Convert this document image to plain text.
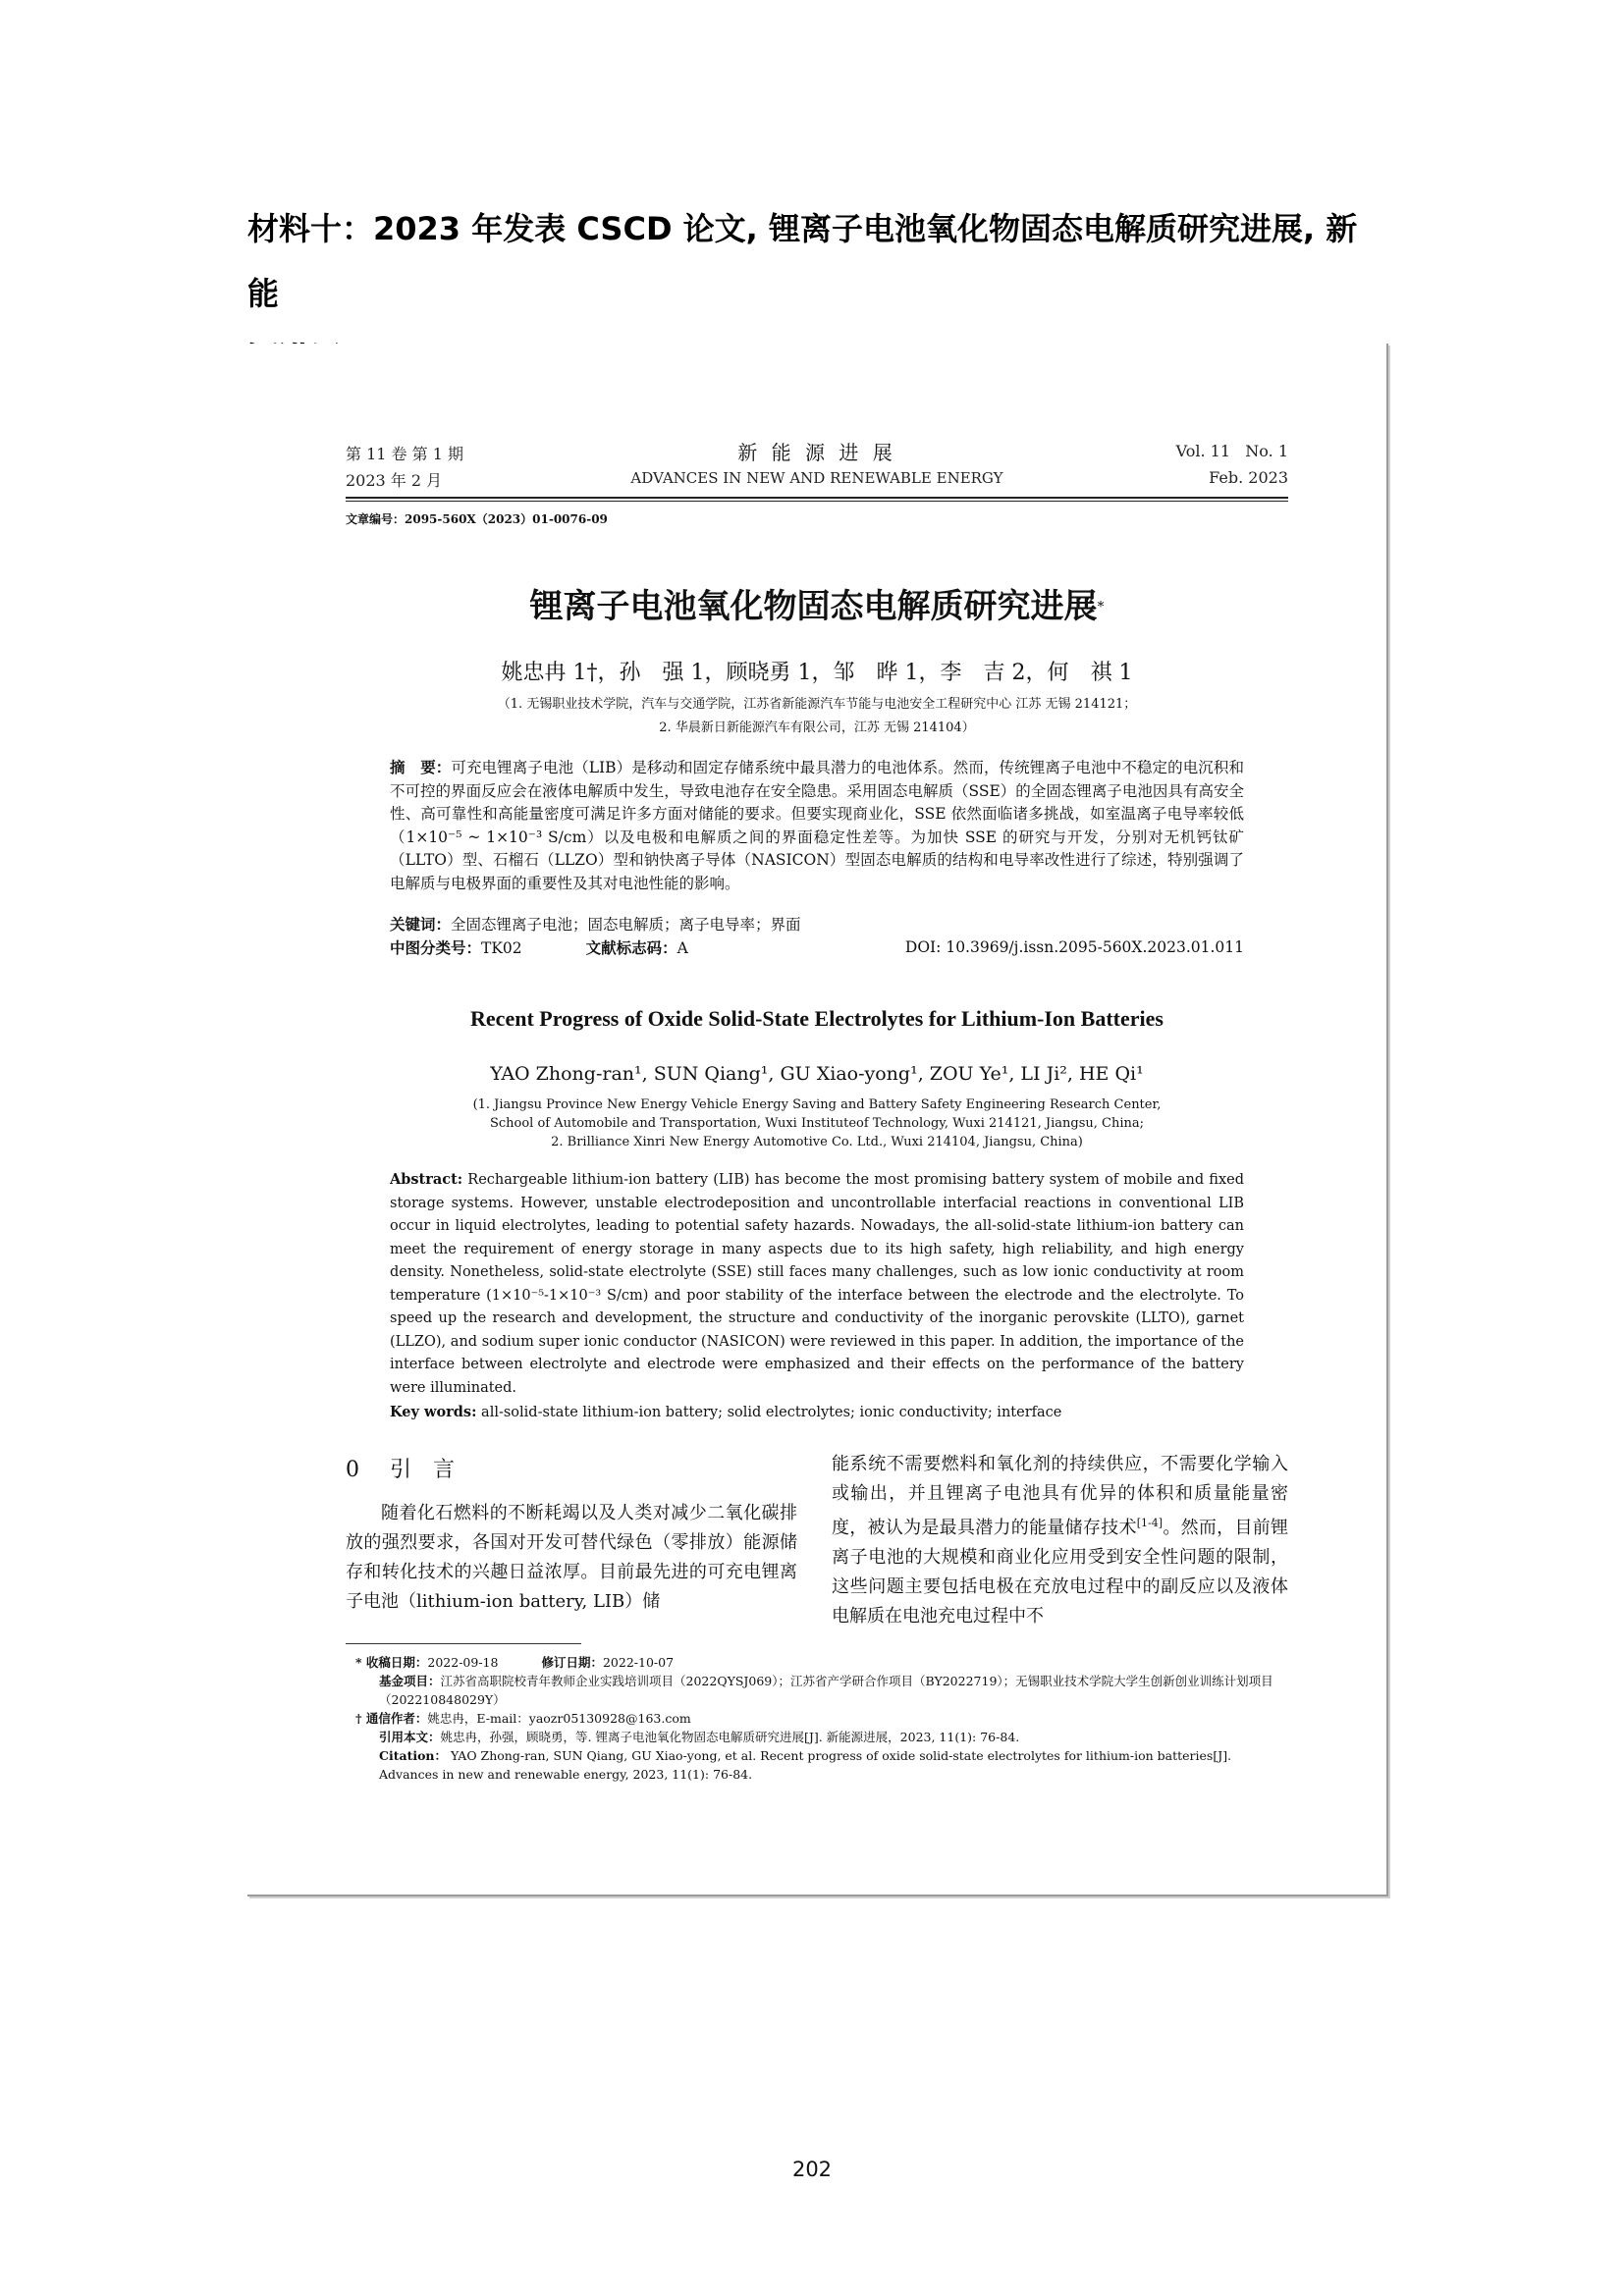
材料十：2023 年发表 CSCD 论文, 锂离子电池氧化物固态电解质研究进展, 新能
第 11 卷 第 1 期
2023 年 2 月
新 能 源 进 展
ADVANCES IN NEW AND RENEWABLE ENERGY
Vol. 11   No. 1
Feb. 2023
文章编号：2095-560X（2023）01-0076-09
锂离子电池氧化物固态电解质研究进展*
姚忠冉 1†，孙　强 1，顾晓勇 1，邹　晔 1，李　吉 2，何　祺 1
（1. 无锡职业技术学院，汽车与交通学院，江苏省新能源汽车节能与电池安全工程研究中心 江苏 无锡 214121；
2. 华晨新日新能源汽车有限公司，江苏 无锡 214104）
摘　要：可充电锂离子电池（LIB）是移动和固定存储系统中最具潜力的电池体系。然而，传统锂离子电池中不稳定的电沉积和不可控的界面反应会在液体电解质中发生，导致电池存在安全隐患。采用固态电解质（SSE）的全固态锂离子电池因具有高安全性、高可靠性和高能量密度可满足许多方面对储能的要求。但要实现商业化，SSE 依然面临诸多挑战，如室温离子电导率较低（1×10⁻⁵ ~ 1×10⁻³ S/cm）以及电极和电解质之间的界面稳定性差等。为加快 SSE 的研究与开发，分别对无机钙钛矿（LLTO）型、石榴石（LLZO）型和钠快离子导体（NASICON）型固态电解质的结构和电导率改性进行了综述，特别强调了电解质与电极界面的重要性及其对电池性能的影响。
关键词：全固态锂离子电池；固态电解质；离子电导率；界面
中图分类号：TK02	文献标志码：A	DOI: 10.3969/j.issn.2095-560X.2023.01.011
Recent Progress of Oxide Solid-State Electrolytes for Lithium-Ion Batteries
YAO Zhong-ran¹, SUN Qiang¹, GU Xiao-yong¹, ZOU Ye¹, LI Ji², HE Qi¹
(1. Jiangsu Province New Energy Vehicle Energy Saving and Battery Safety Engineering Research Center,
School of Automobile and Transportation, Wuxi Instituteof Technology, Wuxi 214121, Jiangsu, China;
2. Brilliance Xinri New Energy Automotive Co. Ltd., Wuxi 214104, Jiangsu, China)
Abstract: Rechargeable lithium-ion battery (LIB) has become the most promising battery system of mobile and fixed storage systems. However, unstable electrodeposition and uncontrollable interfacial reactions in conventional LIB occur in liquid electrolytes, leading to potential safety hazards. Nowadays, the all-solid-state lithium-ion battery can meet the requirement of energy storage in many aspects due to its high safety, high reliability, and high energy density. Nonetheless, solid-state electrolyte (SSE) still faces many challenges, such as low ionic conductivity at room temperature (1×10⁻⁵-1×10⁻³ S/cm) and poor stability of the interface between the electrode and the electrolyte. To speed up the research and development, the structure and conductivity of the inorganic perovskite (LLTO), garnet (LLZO), and sodium super ionic conductor (NASICON) were reviewed in this paper. In addition, the importance of the interface between electrolyte and electrode were emphasized and their effects on the performance of the battery were illuminated.
Key words: all-solid-state lithium-ion battery; solid electrolytes; ionic conductivity; interface
0 引　言
随着化石燃料的不断耗竭以及人类对减少二氧化碳排放的强烈要求，各国对开发可替代绿色（零排放）能源储存和转化技术的兴趣日益浓厚。目前最先进的可充电锂离子电池（lithium-ion battery, LIB）储
能系统不需要燃料和氧化剂的持续供应，不需要化学输入或输出，并且锂离子电池具有优异的体积和质量能量密度，被认为是最具潜力的能量储存技术[1-4]。然而，目前锂离子电池的大规模和商业化应用受到安全性问题的限制，这些问题主要包括电极在充放电过程中的副反应以及液体电解质在电池充电过程中不
* 收稿日期：2022-09-18	修订日期：2022-10-07
基金项目：江苏省高职院校青年教师企业实践培训项目（2022QYSJ069）；江苏省产学研合作项目（BY2022719）；无锡职业技术学院大学生创新创业训练计划项目（202210848029Y）
† 通信作者：姚忠冉，E-mail：yaozr05130928@163.com
引用本文：姚忠冉，孙强，顾晓勇，等. 锂离子电池氧化物固态电解质研究进展[J]. 新能源进展，2023, 11(1): 76-84.
Citation： YAO Zhong-ran, SUN Qiang, GU Xiao-yong, et al. Recent progress of oxide solid-state electrolytes for lithium-ion batteries[J]. Advances in new and renewable energy, 2023, 11(1): 76-84.
202
